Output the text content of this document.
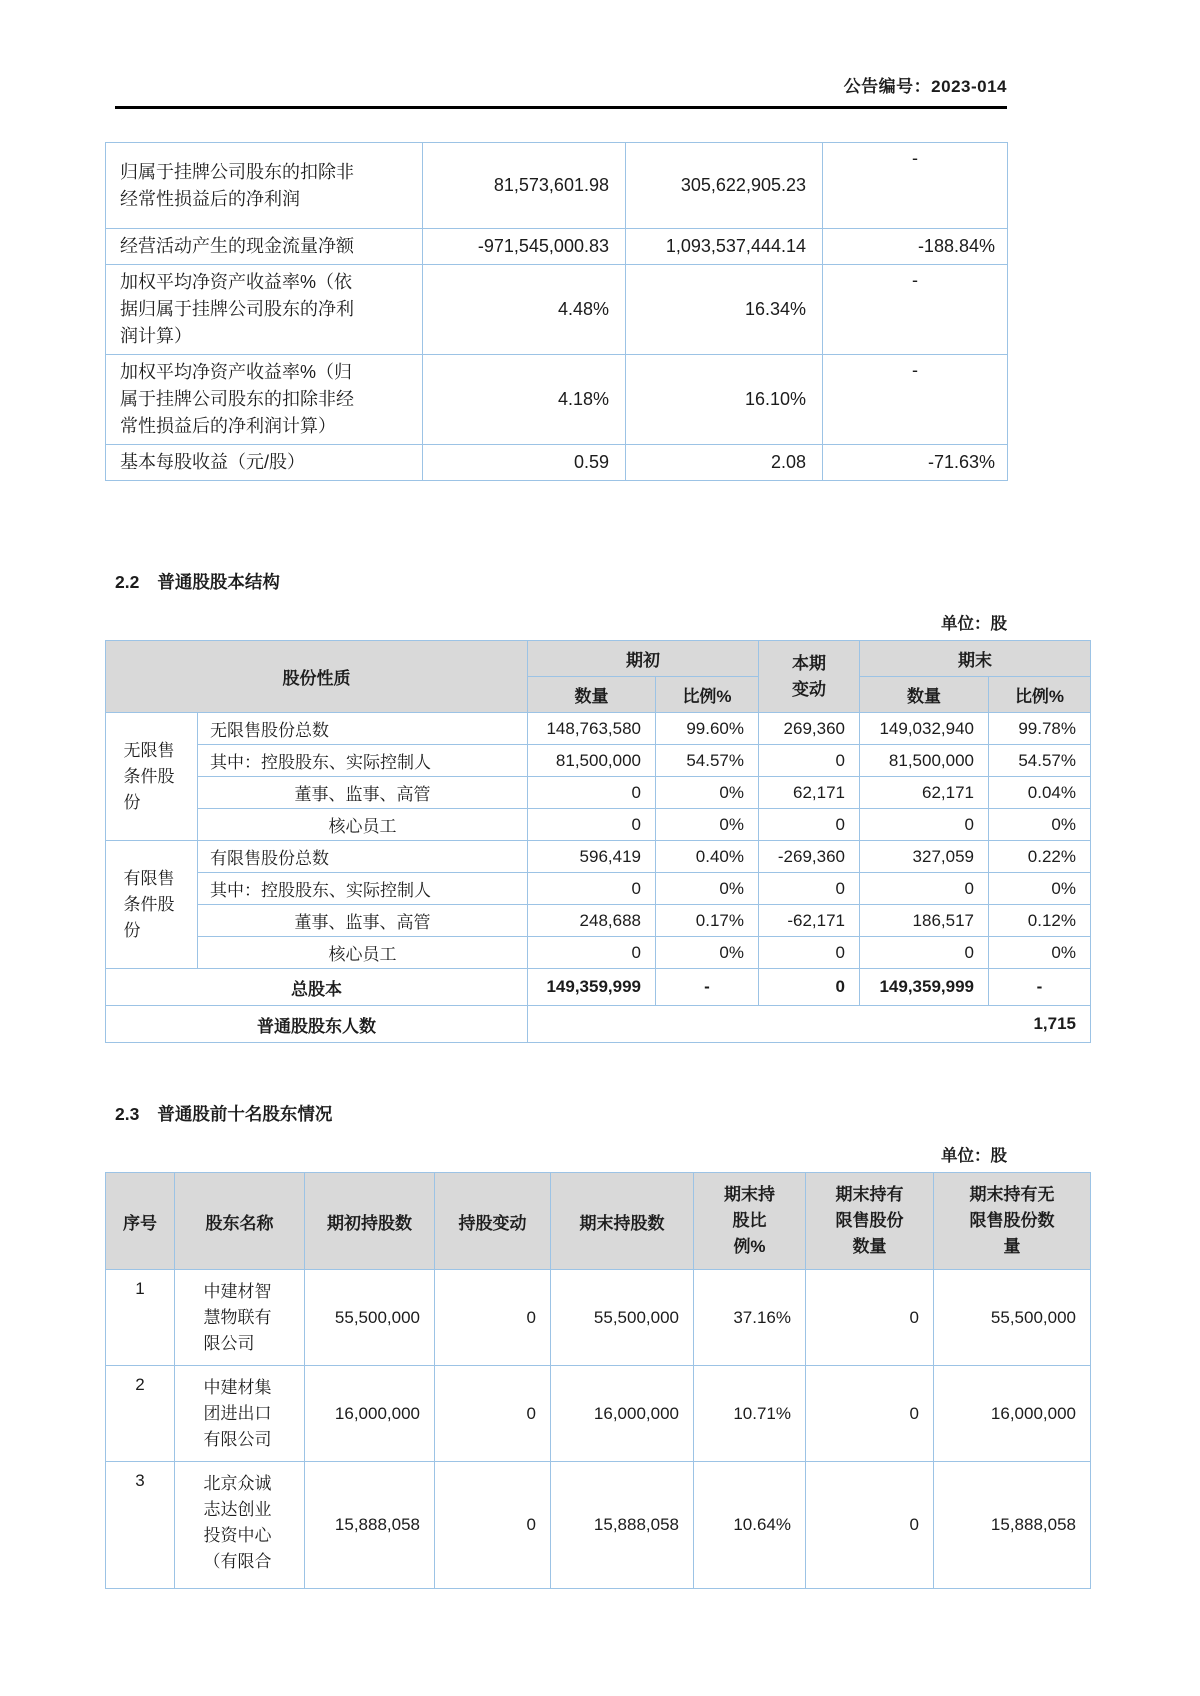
公告编号：2023-014
归属于挂牌公司股东的扣除非经常性损益后的净利润	81,573,601.98	305,622,905.23	-
经营活动产生的现金流量净额	-971,545,000.83	1,093,537,444.14	-188.84%
加权平均净资产收益率%（依据归属于挂牌公司股东的净利润计算）	4.48%	16.34%	-
加权平均净资产收益率%（归属于挂牌公司股东的扣除非经常性损益后的净利润计算）	4.18%	16.10%	-
基本每股收益（元/股）	0.59	2.08	-71.63%
2.2 普通股股本结构
单位：股
股份性质		期初		本期变动	期末	
		数量	比例%		数量	比例%
无限售条件股份	无限售股份总数	148,763,580	99.60%	269,360	149,032,940	99.78%
	其中：控股股东、实际控制人	81,500,000	54.57%	0	81,500,000	54.57%
	董事、监事、高管	0	0%	62,171	62,171	0.04%
	核心员工	0	0%	0	0	0%
有限售条件股份	有限售股份总数	596,419	0.40%	-269,360	327,059	0.22%
	其中：控股股东、实际控制人	0	0%	0	0	0%
	董事、监事、高管	248,688	0.17%	-62,171	186,517	0.12%
	核心员工	0	0%	0	0	0%
总股本		149,359,999	-	0	149,359,999	-
普通股股东人数		1,715				
2.3 普通股前十名股东情况
单位：股
序号	股东名称	期初持股数	持股变动	期末持股数	期末持股比例%	期末持有限售股份数量	期末持有无限售股份数量
1	中建材智慧物联有限公司	55,500,000	0	55,500,000	37.16%	0	55,500,000
2	中建材集团进出口有限公司	16,000,000	0	16,000,000	10.71%	0	16,000,000
3	北京众诚志达创业投资中心（有限合	15,888,058	0	15,888,058	10.64%	0	15,888,058
